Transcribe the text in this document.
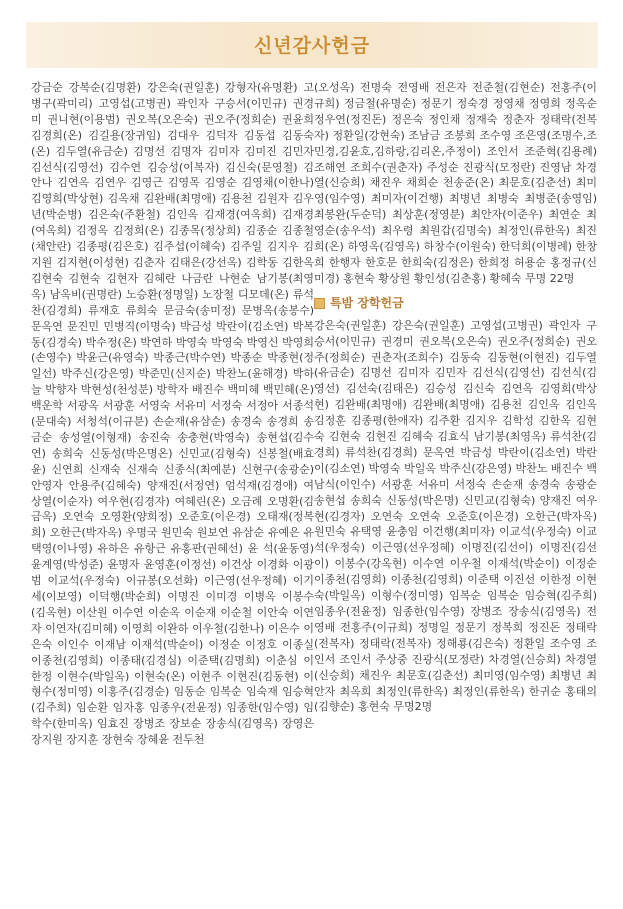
신년감사헌금

강금순 강복순(김명환) 강은숙(권일훈) 강형자(유명환) 고병구(곽미리) 고영섭(고병권) 곽인자 구승서(이민규) 권경미 권니현(이용범) 권오복(오은숙) 권오주(정희순) 권윤희김경희(온) 김길용(장귀임) 김대우 김덕자 김동섭 김동숙(온) 김두열(유금순) 김명선 김명자 김미자 김미진 김민자 김선식(김영선) 김수연 김승성(이복자) 김신숙(문영철) 김안나 김연옥 김연우 김영근 김영목 김영순 김영채(이한나) 김영희(박상현) 김옥채 김완배(최명애) 김용천 김원자 김우년(박순병) 김은숙(주환철) 김인옥 김재경(여옥희) 김재경(여옥희) 김정옥 김정희(온) 김종목(정상희) 김종순 김종철(채안란) 김종평(김은호) 김주섭(이혜숙) 김주일 김지우 김지원 김지현(이성현) 김춘자 김태은(강선옥) 김학동 김한옥 김현숙 김현숙 김현자 김혜란 나금란 나현순 남기봉(최영옥) 남옥비(권명란) 노승환(정명일) 노장철 디모데(온) 류석찬(김경희) 류재호 류희숙 문금숙(송미정) 문병옥(송봉수) 문옥연 문진민 민병직(이명숙) 박금성 박란이(김소연) 박복동(김경숙) 박수정(온) 박연하 박영숙 박영숙 박영신 박영희(손영수) 박윤근(유영숙) 박종근(박수연) 박종순 박종현(정일선) 박주신(강은영) 박준민(신지순) 박찬노(윤해경) 박하늘 박향자 박현성(천성분) 방학자 배진수 백미혜 백민혜(온) 백운학 서광옥 서광훈 서영숙 서유미 서정숙 서정아 서종석(문대숙) 서청석(이규분) 손순재(유삼순) 송경숙 송경희 송금순 송성열(이형재) 송진숙 송충현(박영숙) 송현섭(김수연) 송희숙 신동성(박은명온) 신민교(김형숙) 신봉철(배효윤) 신연희 신재숙 신재숙 신종식(최예분) 신현구(송광순) 안영자 안용주(김혜숙) 양재진(서정연) 엄석재(김경애) 여상열(이순자) 여우현(김경자) 여혜린(온) 오금례 오명환(김금옥) 오연숙 오영환(양희정) 오준호(이은경) 오태재(정복희) 오한근(박자옥) 우명국 원민숙 원보연 유삼순 유예은 유택영(이나영) 유하은 유항근 유홍판(권혜선) 윤 석(윤동영) 윤계영(박성준) 윤명자 윤영훈(이정선) 이건상 이경화 이광범 이교석(우정숙) 이규봉(오선화) 이근영(선우정혜) 이기세(이보영) 이덕행(박순희) 이명진 이미경 이병옥 이봉수(김옥현) 이산원 이수연 이순옥 이순재 이순철 이안숙 이연자 이연자(김미혜) 이영희 이완하 이우철(김한나) 이은수 이은숙 이인수 이재남 이재석(박순이) 이정순 이정호 이종실 이종천(김영희) 이종태(김경심) 이준택(김명희) 이춘심 이한정 이현수(박일옥) 이현숙(온) 이현주 이현진(김동현) 이형수(정미영) 이홍주(김경순) 임동순 임복순 임숙재 임승혁(김주희) 임순환 임자홍 임종우(전윤정) 임종한(임수영) 임학수(한미옥) 임효진 장병조 장보순 장송식(김영옥) 장영은 장지원 장지훈 장현숙 장혜윤 전두천

(오성옥) 전명숙 전영배 전은자 전준철(김현순) 전홍주(이규희) 정금철(유명순) 정문기 정숙경 정영채 정영희 정옥순 정우연(정진돈) 정은숙 정인채 정재숙 정춘자 정태락(전복자) 정환일(강현숙) 조남금 조봉희 조수영 조은영(조명수,조민경,김윤호,김하랑,김리온,주정이) 조인서 조준혁(김용례) 조해연 조희수(권춘자) 주성순 진광식(모정란) 진영남 차경열(신승희) 채진우 채희순 천송준(온) 최문호(김춘선) 최미영(임수영) 최미자(이건행) 최병년 최병숙 최병준(송영임) 최봉완(두순덕) 최상훈(정영분) 최안자(이준우) 최연순 최영순(송우석) 최우령 최원갑(김명숙) 최정인(류한옥) 최진희(온) 하영옥(김영옥) 하창수(이원숙) 한덕희(이병례) 한창희 한행자 한호문 한희숙(김정은) 한희정 허용순 홍정규(신미경) 홍현숙 황상원 황인성(김춘홍) 황혜숙 무명 22명

특밤 장학헌금

강은숙(권일훈) 강은숙(권일훈) 고영섭(고병권) 곽인자 구승서(이민규) 권경미 권오복(오은숙) 권오주(정희순) 권오주(정희순) 권춘자(조희수) 김동숙 김동현(이현진) 김두열(유금순) 김명선 김미자 김민자 김선식(김영선) 김선식(김영선) 김선숙(김태은) 김승성 김신숙 김연옥 김영희(박상현) 김완배(최명애) 김완배(최명애) 김용천 김인옥 김인옥 김정훈 김종평(한애자) 김주환 김지우 김학성 김한옥 김현숙 김현숙 김현진 김혜숙 김효식 남기봉(최영옥) 류석찬(김경희) 류석찬(김경희) 문옥연 박금성 박란이(김소연) 박란이(김소연) 박영숙 박일옥 박주신(강은영) 박찬노 배진수 백남식(이인수) 서광훈 서유미 서정숙 손순재 송경숙 송광순 송현섭 송희숙 신동성(박은명) 신민교(김형숙) 양재진 여우현(김경자) 오연숙 오연숙 오준호(이은경) 오한근(박자옥) 원민숙 유택영 윤충임 이건행(최미자) 이교석(우정숙) 이교석(우정숙) 이근영(선우정혜) 이명진(김선이) 이명진(김선이) 이봉수(강옥현) 이수연 이우철 이재석(박순이) 이정순 이종천(김영희) 이종천(김영희) 이준택 이진선 이한정 이현숙(박일옥) 이형수(정미영) 임복순 임복순 임승혁(김주희) 임종우(전윤정) 임종한(임수영) 장병조 장송식(김영옥) 전영배 전홍주(이규희) 정명일 정문기 정복희 정진돈 정태락(전복자) 정태락(전복자) 정해룡(김은숙) 정환일 조수영 조인서 조인서 주상중 진광식(모정란) 차경열(신승희) 차경열(신승희) 채진우 최문호(김춘선) 최미영(임수영) 최병년 최안자 최옥희 최정인(류한옥) 최정인(류한옥) 한귀순 홍태의(김향순) 홍현숙 무명2명
